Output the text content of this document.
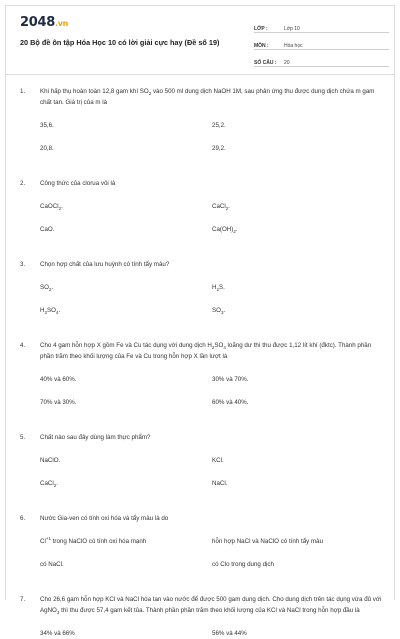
2048.vn
20 Bộ đề ôn tập Hóa Học 10 có lời giải cực hay (Đề số 19)
LỚP :	Lớp 10
MÔN :	Hóa học
SỐ CÂU :	20
1.	Khi hấp thụ hoàn toàn 12,8 gam khí $SO_2$ vào 500 ml dung dịch NaOH 1M, sau phản ứng thu được dung dịch chứa m gam chất tan. Giá trị của m là
35,6.	25,2.
20,8.	29,2.
2.	Công thức của clorua vôi là
CaOCl$_2$.	CaCl$_2$.
CaO.	$Ca(OH)_2$.
3.	Chọn hợp chất của lưu huỳnh có tính tẩy màu?
$SO_2$.	$H_2S$.
$H_2SO_4$.	$SO_3$.
4.	Cho 4 gam hỗn hợp X gồm Fe và Cu tác dụng với dung dịch $H_2SO_4$ loãng dư thì thu được 1,12 lít khí (đktc). Thành phần phần trăm theo khối lượng của Fe và Cu trong hỗn hợp X lần lượt là
40% và 60%.	30% và 70%.
70% và 30%.	60% và 40%.
5.	Chất nào sau đây dùng làm thực phẩm?
NaClO.	KCl.
CaCl$_2$.	NaCl.
6.	Nước Gia-ven có tính oxi hóa và tẩy màu là do
$Cl^{+1}$ trong NaClO có tính oxi hóa mạnh	hỗn hợp NaCl và NaClO có tính tẩy màu
có NaCl.	có Clo trong dung dịch
7.	Cho 26,6 gam hỗn hợp KCl và NaCl hòa tan vào nước để được 500 gam dung dịch. Cho dung dịch trên tác dụng vừa đủ với AgNO$_3$ thì thu được 57,4 gam kết tủa. Thành phần phần trăm theo khối lượng của KCl và NaCl trong hỗn hợp đầu là
34% và 66%	56% và 44%
